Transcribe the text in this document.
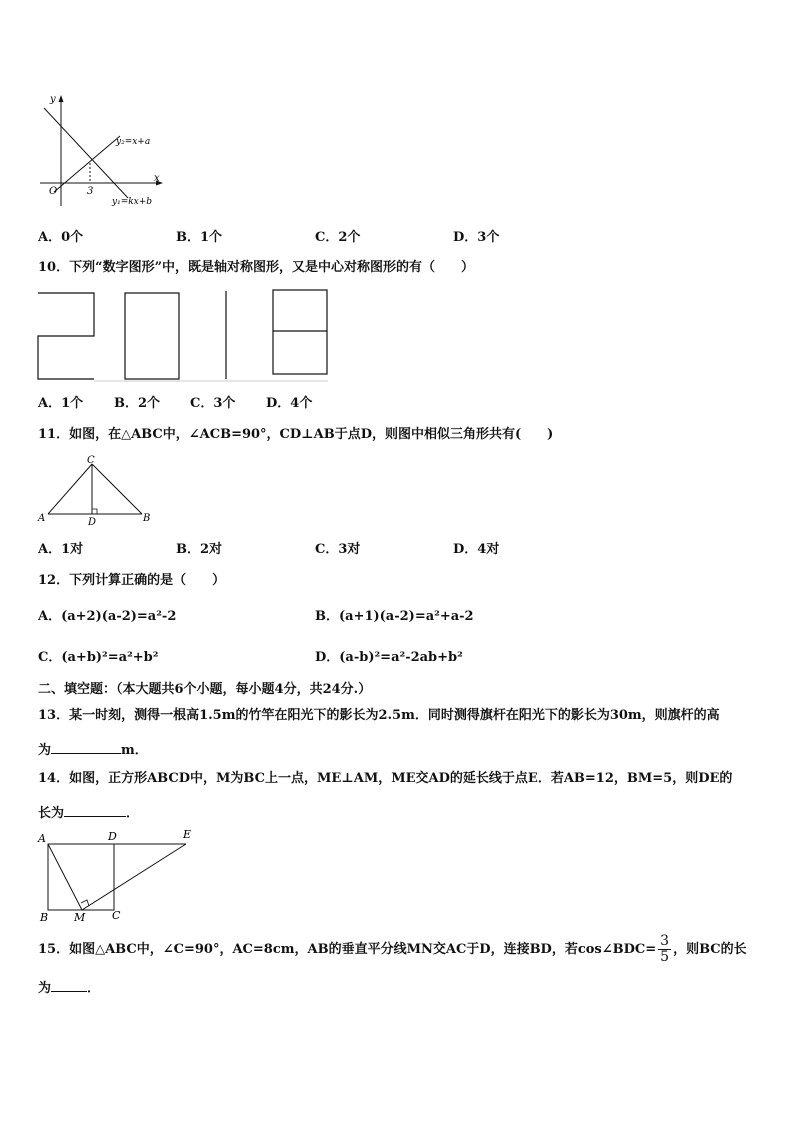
y
x
O	3
y₂=x+a
y₁=kx+b
A．0个	B．1个	C．2个	D．3个
10．下列“数字图形”中，既是轴对称图形，又是中心对称图形的有（　　）
A．1个 B．2个 C．3个 D．4个
11．如图，在△ABC中，∠ACB=90°，CD⊥AB于点D，则图中相似三角形共有(　　)
C
A	B
D
A．1对	B．2对	C．3对	D．4对
12．下列计算正确的是（　　）
A．(a+2)(a-2)=a²-2	B．(a+1)(a-2)=a²+a-2
C．(a+b)²=a²+b²	D．(a-b)²=a²-2ab+b²
二、填空题：（本大题共6个小题，每小题4分，共24分.）
13．某一时刻，测得一根高1.5m的竹竿在阳光下的影长为2.5m．同时测得旗杆在阳光下的影长为30m，则旗杆的高
为	m．
14．如图，正方形ABCD中，M为BC上一点，ME⊥AM，ME交AD的延长线于点E．若AB=12，BM=5，则DE的
长为	．
A	D	E
B M C
15．如图△ABC中，∠C=90°，AC=8cm，AB的垂直平分线MN交AC于D，连接BD，若cos∠BDC= $\frac{3}{5}$ ，则BC的长
为	．
